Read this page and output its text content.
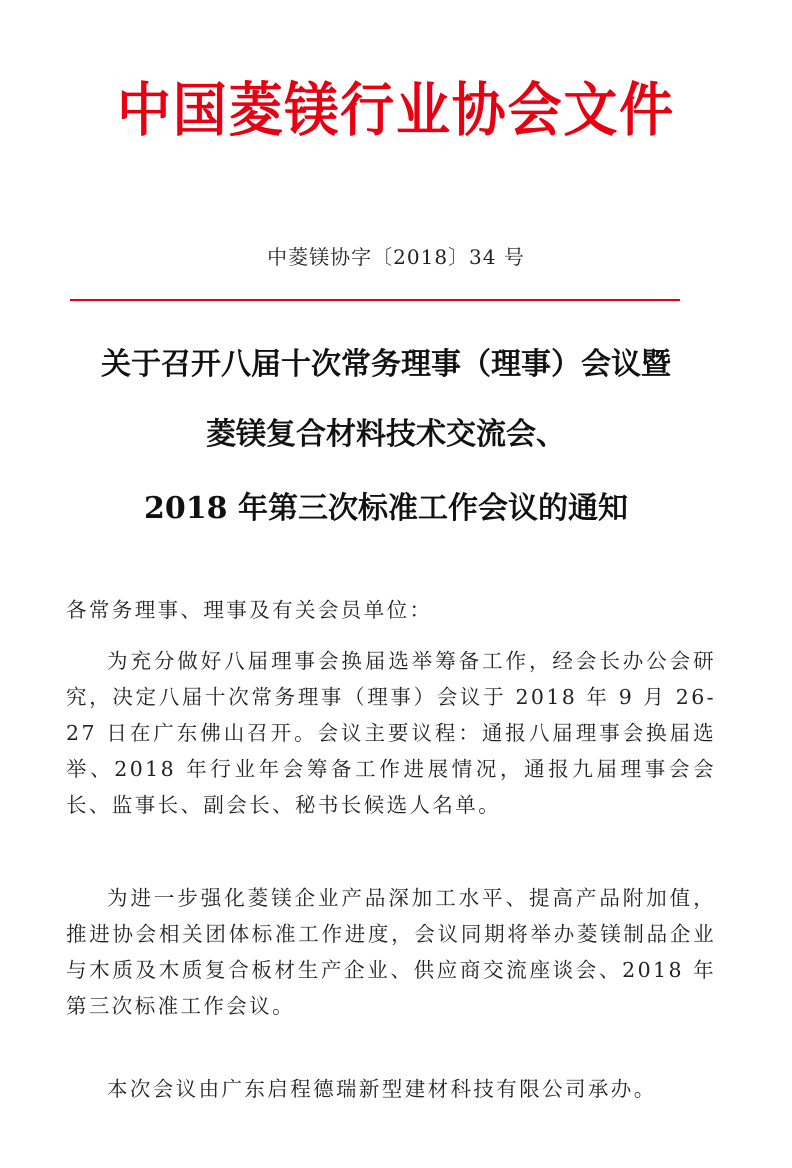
中国菱镁行业协会文件
中菱镁协字〔2018〕34 号
关于召开八届十次常务理事（理事）会议暨
菱镁复合材料技术交流会、
2018 年第三次标准工作会议的通知
各常务理事、理事及有关会员单位：

为充分做好八届理事会换届选举筹备工作，经会长办公会研究，决定八届十次常务理事（理事）会议于 2018 年 9 月 26-27 日在广东佛山召开。会议主要议程：通报八届理事会换届选举、2018 年行业年会筹备工作进展情况，通报九届理事会会长、监事长、副会长、秘书长候选人名单。

为进一步强化菱镁企业产品深加工水平、提高产品附加值，推进协会相关团体标准工作进度，会议同期将举办菱镁制品企业与木质及木质复合板材生产企业、供应商交流座谈会、2018 年第三次标准工作会议。

本次会议由广东启程德瑞新型建材科技有限公司承办。
